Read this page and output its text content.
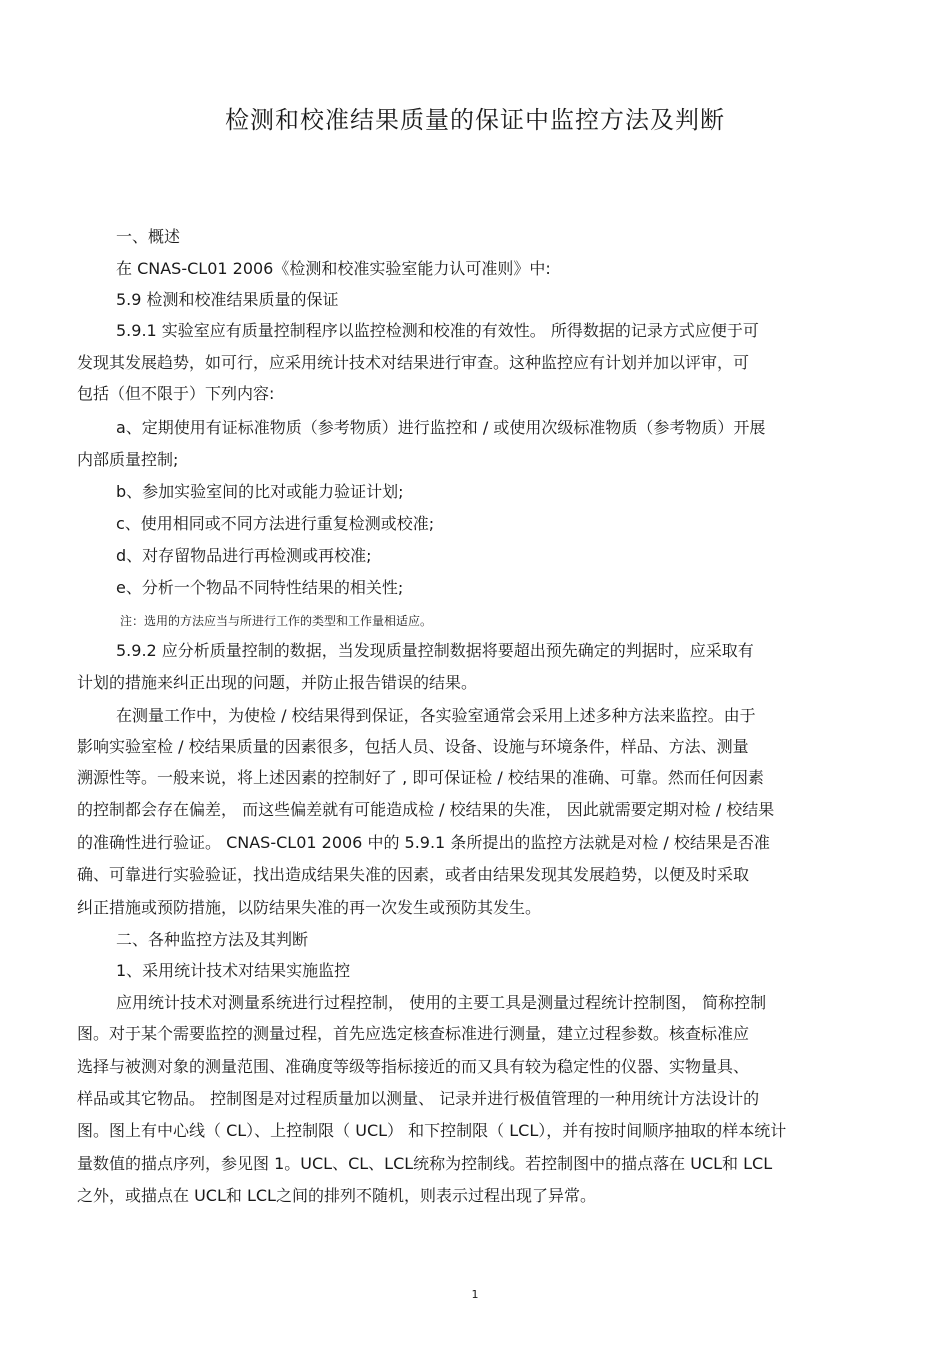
检测和校准结果质量的保证中监控方法及判断
一、概述
在 CNAS-CL01 2006《检测和校准实验室能力认可准则》中:
5.9 检测和校准结果质量的保证
5.9.1 实验室应有质量控制程序以监控检测和校准的有效性。 所得数据的记录方式应便于可
发现其发展趋势，如可行，应采用统计技术对结果进行审查。这种监控应有计划并加以评审，可
包括（但不限于）下列内容:
a、定期使用有证标准物质（参考物质）进行监控和 / 或使用次级标准物质（参考物质）开展
内部质量控制;
b、参加实验室间的比对或能力验证计划;
c、使用相同或不同方法进行重复检测或校准;
d、对存留物品进行再检测或再校准;
e、分析一个物品不同特性结果的相关性;
注：选用的方法应当与所进行工作的类型和工作量相适应。
5.9.2 应分析质量控制的数据，当发现质量控制数据将要超出预先确定的判据时，应采取有
计划的措施来纠正出现的问题，并防止报告错误的结果。
在测量工作中，为使检 / 校结果得到保证，各实验室通常会采用上述多种方法来监控。由于
影响实验室检 / 校结果质量的因素很多，包括人员、设备、设施与环境条件，样品、方法、测量
溯源性等。一般来说，将上述因素的控制好了 , 即可保证检 / 校结果的准确、可靠。然而任何因素
的控制都会存在偏差， 而这些偏差就有可能造成检 / 校结果的失准， 因此就需要定期对检 / 校结果
的准确性进行验证。 CNAS-CL01 2006 中的 5.9.1 条所提出的监控方法就是对检 / 校结果是否准
确、可靠进行实验验证，找出造成结果失准的因素，或者由结果发现其发展趋势，以便及时采取
纠正措施或预防措施，以防结果失准的再一次发生或预防其发生。
二、各种监控方法及其判断
1、采用统计技术对结果实施监控
应用统计技术对测量系统进行过程控制， 使用的主要工具是测量过程统计控制图， 简称控制
图。对于某个需要监控的测量过程，首先应选定核查标准进行测量，建立过程参数。核查标准应
选择与被测对象的测量范围、准确度等级等指标接近的而又具有较为稳定性的仪器、实物量具、
样品或其它物品。 控制图是对过程质量加以测量、 记录并进行极值管理的一种用统计方法设计的
图。图上有中心线（ CL）、上控制限（ UCL） 和下控制限（ LCL），并有按时间顺序抽取的样本统计
量数值的描点序列，参见图 1。UCL、CL、LCL统称为控制线。若控制图中的描点落在 UCL和 LCL
之外，或描点在 UCL和 LCL之间的排列不随机，则表示过程出现了异常。
1
